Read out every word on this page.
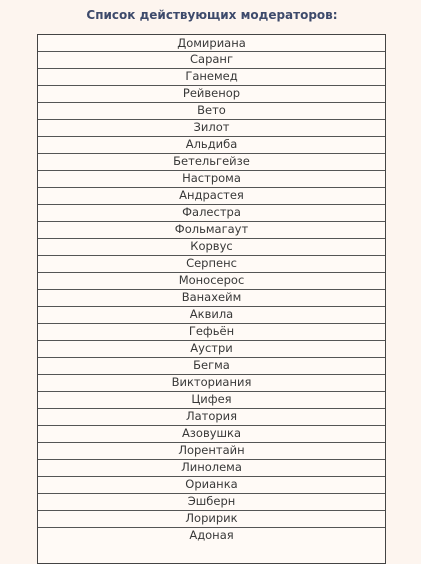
Список действующих модераторов:
Домириана
Саранг
Ганемед
Рейвенор
Вето
Зилот
Альдиба
Бетельгейзе
Настрома
Андрастея
Фалестра
Фольмагаут
Корвус
Серпенс
Моносерос
Ванахейм
Аквила
Гефьён
Аустри
Бегма
Викториания
Цифея
Латория
Азовушка
Лорентайн
Линолема
Орианка
Эшберн
Лоририк
Адоная
